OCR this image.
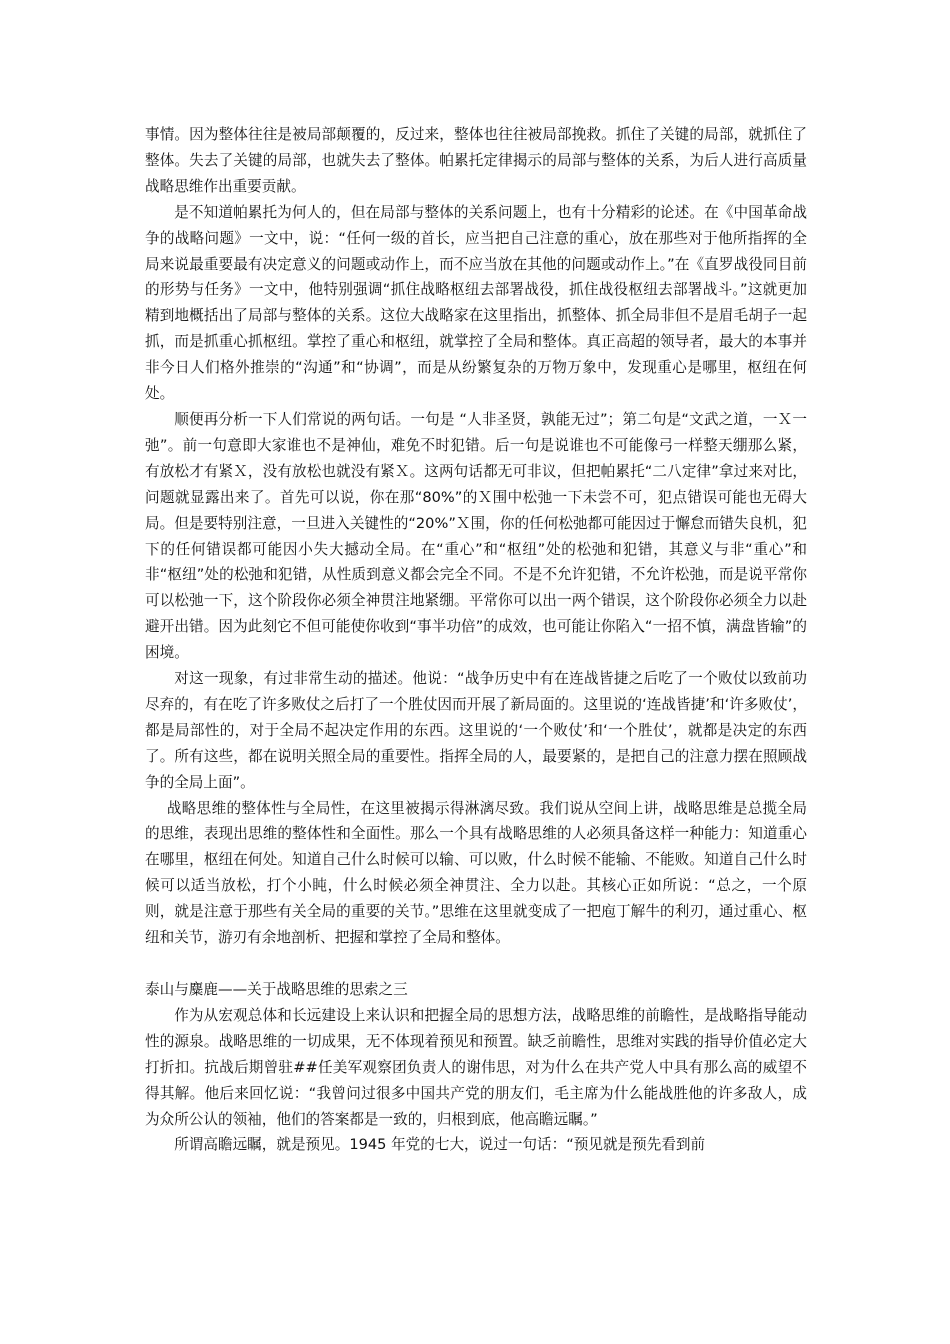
事情。因为整体往往是被局部颠覆的，反过来，整体也往往被局部挽救。抓住了关键的局部，就抓住了整体。失去了关键的局部，也就失去了整体。帕累托定律揭示的局部与整体的关系，为后人进行高质量战略思维作出重要贡献。

是不知道帕累托为何人的，但在局部与整体的关系问题上，也有十分精彩的论述。在《中国革命战争的战略问题》一文中，说：“任何一级的首长，应当把自己注意的重心，放在那些对于他所指挥的全局来说最重要最有决定意义的问题或动作上，而不应当放在其他的问题或动作上。”在《直罗战役同目前的形势与任务》一文中，他特别强调“抓住战略枢纽去部署战役，抓住战役枢纽去部署战斗。”这就更加精到地概括出了局部与整体的关系。这位大战略家在这里指出，抓整体、抓全局非但不是眉毛胡子一起抓，而是抓重心抓枢纽。掌控了重心和枢纽，就掌控了全局和整体。真正高超的领导者，最大的本事并非今日人们格外推崇的“沟通”和“协调”，而是从纷繁复杂的万物万象中，发现重心是哪里，枢纽在何处。

顺便再分析一下人们常说的两句话。一句是 “人非圣贤，孰能无过”；第二句是“文武之道，一Ｘ一弛”。前一句意即大家谁也不是神仙，难免不时犯错。后一句是说谁也不可能像弓一样整天绷那么紧，有放松才有紧Ｘ，没有放松也就没有紧Ｘ。这两句话都无可非议，但把帕累托“二八定律”拿过来对比，问题就显露出来了。首先可以说，你在那“80%”的Ｘ围中松弛一下未尝不可，犯点错误可能也无碍大局。但是要特别注意，一旦进入关键性的“20%”Ｘ围，你的任何松弛都可能因过于懈怠而错失良机，犯下的任何错误都可能因小失大撼动全局。在“重心”和“枢纽”处的松弛和犯错，其意义与非“重心”和非“枢纽”处的松弛和犯错，从性质到意义都会完全不同。不是不允许犯错，不允许松弛，而是说平常你可以松弛一下，这个阶段你必须全神贯注地紧绷。平常你可以出一两个错误，这个阶段你必须全力以赴避开出错。因为此刻它不但可能使你收到“事半功倍”的成效，也可能让你陷入“一招不慎，满盘皆输”的困境。

对这一现象，有过非常生动的描述。他说：“战争历史中有在连战皆捷之后吃了一个败仗以致前功尽弃的，有在吃了许多败仗之后打了一个胜仗因而开展了新局面的。这里说的‘连战皆捷’和‘许多败仗’，都是局部性的，对于全局不起决定作用的东西。这里说的‘一个败仗’和‘一个胜仗’，就都是决定的东西了。所有这些，都在说明关照全局的重要性。指挥全局的人，最要紧的，是把自己的注意力摆在照顾战争的全局上面”。

战略思维的整体性与全局性，在这里被揭示得淋漓尽致。我们说从空间上讲，战略思维是总揽全局的思维，表现出思维的整体性和全面性。那么一个具有战略思维的人必须具备这样一种能力：知道重心在哪里，枢纽在何处。知道自己什么时候可以输、可以败，什么时候不能输、不能败。知道自己什么时候可以适当放松，打个小盹，什么时候必须全神贯注、全力以赴。其核心正如所说：“总之，一个原则，就是注意于那些有关全局的重要的关节。”思维在这里就变成了一把庖丁解牛的利刃，通过重心、枢纽和关节，游刃有余地剖析、把握和掌控了全局和整体。

泰山与麋鹿——关于战略思维的思索之三

作为从宏观总体和长远建设上来认识和把握全局的思想方法，战略思维的前瞻性，是战略指导能动性的源泉。战略思维的一切成果，无不体现着预见和预置。缺乏前瞻性，思维对实践的指导价值必定大打折扣。抗战后期曾驻##任美军观察团负责人的谢伟思，对为什么在共产党人中具有那么高的威望不得其解。他后来回忆说：“我曾问过很多中国共产党的朋友们，毛主席为什么能战胜他的许多敌人，成为众所公认的领袖，他们的答案都是一致的，归根到底，他高瞻远瞩。”

所谓高瞻远瞩，就是预见。1945 年党的七大，说过一句话：“预见就是预先看到前
